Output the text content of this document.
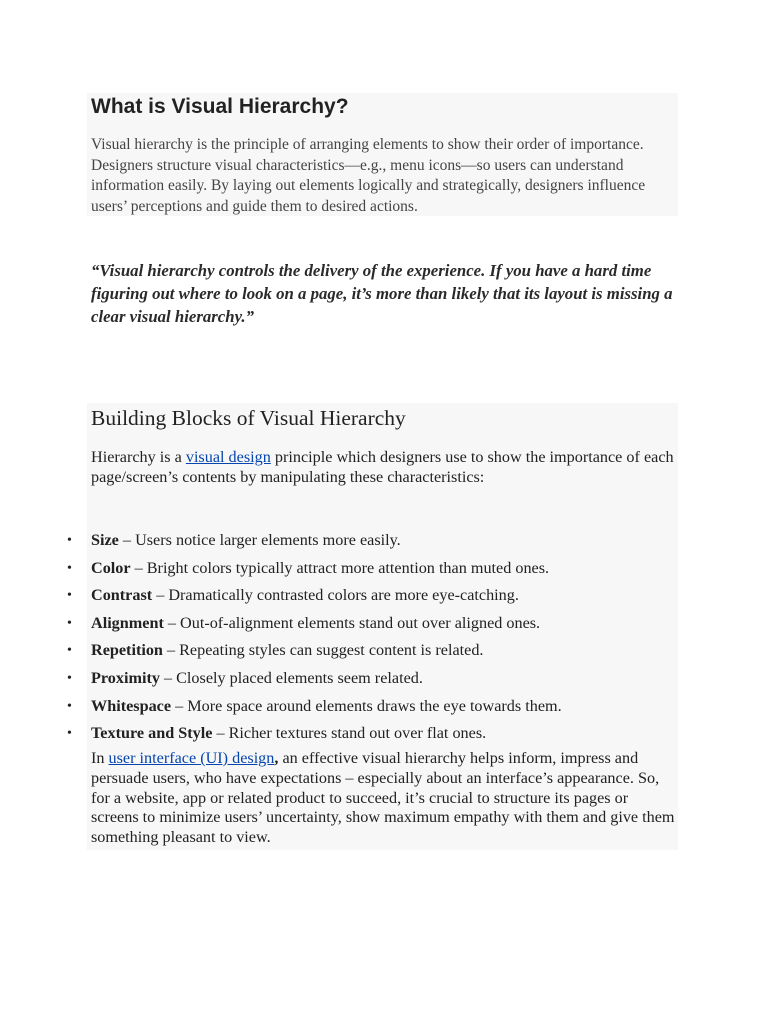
What is Visual Hierarchy?

Visual hierarchy is the principle of arranging elements to show their order of importance. Designers structure visual characteristics—e.g., menu icons—so users can understand information easily. By laying out elements logically and strategically, designers influence users’ perceptions and guide them to desired actions.

“Visual hierarchy controls the delivery of the experience. If you have a hard time figuring out where to look on a page, it’s more than likely that its layout is missing a clear visual hierarchy.”

Building Blocks of Visual Hierarchy

Hierarchy is a visual design principle which designers use to show the importance of each page/screen’s contents by manipulating these characteristics:

• Size – Users notice larger elements more easily.
• Color – Bright colors typically attract more attention than muted ones.
• Contrast – Dramatically contrasted colors are more eye-catching.
• Alignment – Out-of-alignment elements stand out over aligned ones.
• Repetition – Repeating styles can suggest content is related.
• Proximity – Closely placed elements seem related.
• Whitespace – More space around elements draws the eye towards them.
• Texture and Style – Richer textures stand out over flat ones.

In user interface (UI) design, an effective visual hierarchy helps inform, impress and persuade users, who have expectations – especially about an interface’s appearance. So, for a website, app or related product to succeed, it’s crucial to structure its pages or screens to minimize users’ uncertainty, show maximum empathy with them and give them something pleasant to view.
